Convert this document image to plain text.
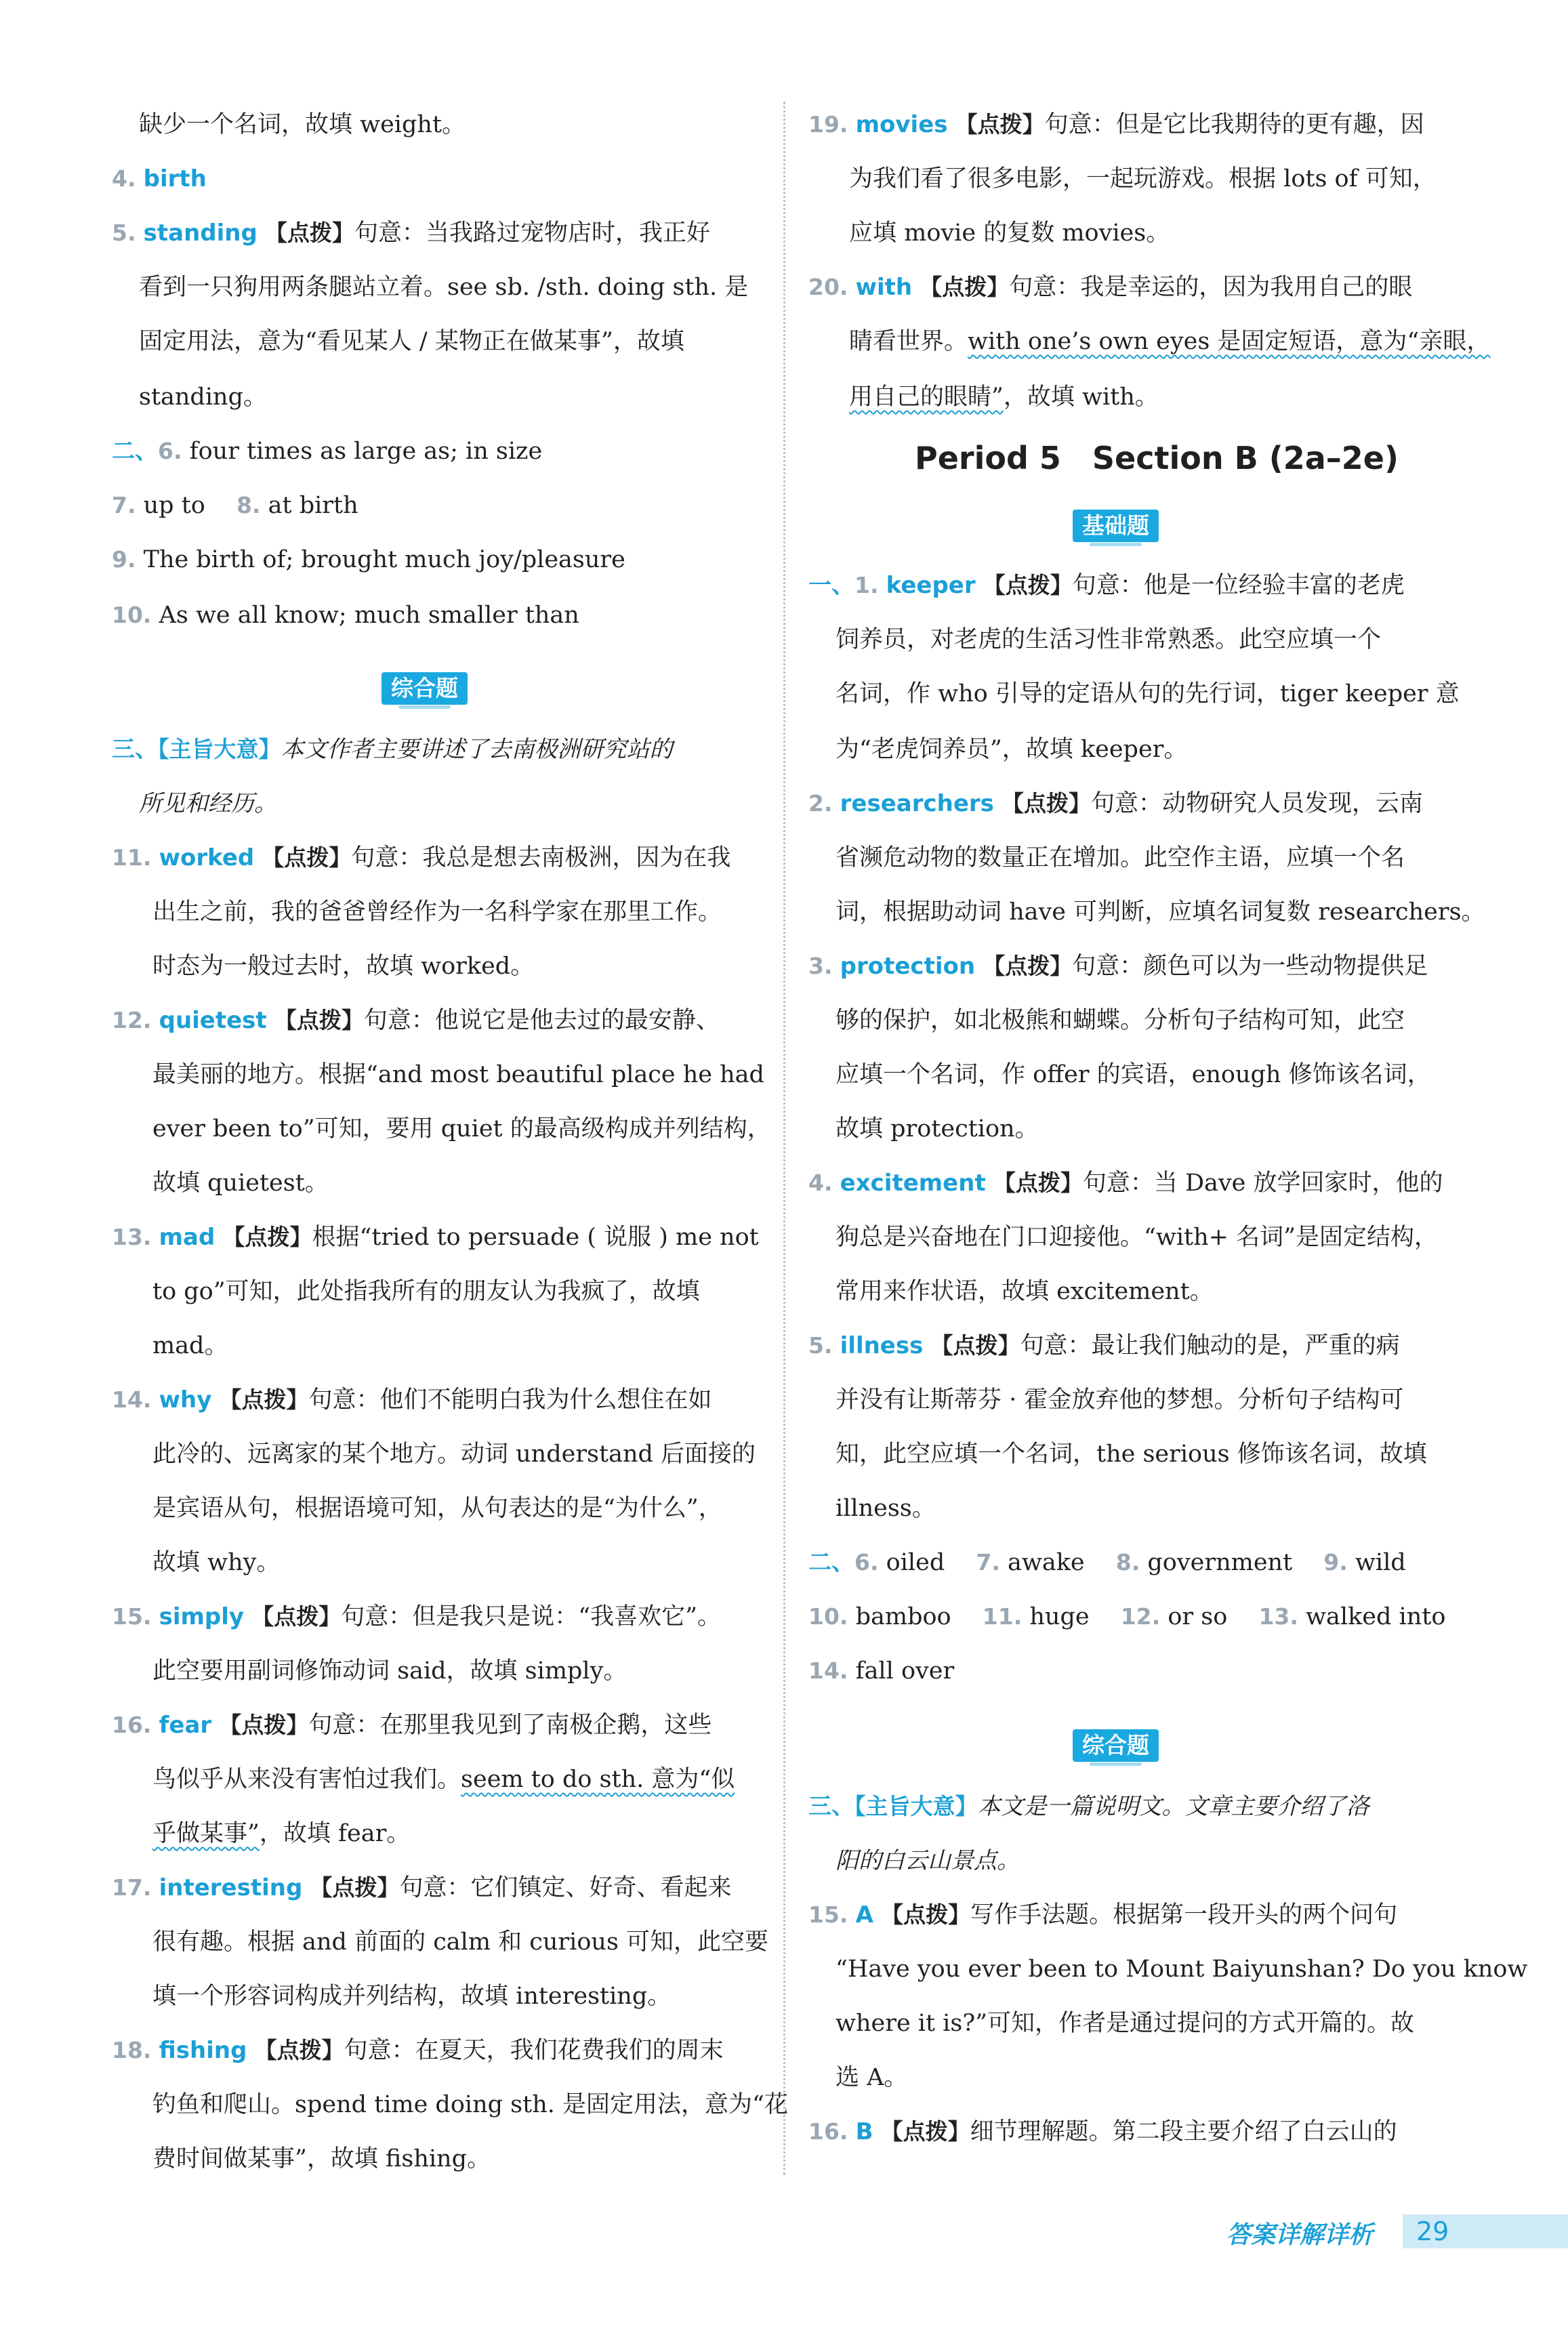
缺少一个名词，故填 weight。
4. birth
5. standing 【点拨】句意：当我路过宠物店时，我正好
看到一只狗用两条腿站立着。see sb. /sth. doing sth. 是
固定用法，意为“看见某人 / 某物正在做某事”，故填
standing。
二、6. four times as large as; in size
7. up to　 8. at birth
9. The birth of; brought much joy/pleasure
10. As we all know; much smaller than
综合题
三、【主旨大意】本文作者主要讲述了去南极洲研究站的
所见和经历。
11. worked 【点拨】句意：我总是想去南极洲，因为在我
出生之前，我的爸爸曾经作为一名科学家在那里工作。
时态为一般过去时，故填 worked。
12. quietest 【点拨】句意：他说它是他去过的最安静、
最美丽的地方。根据“and most beautiful place he had
ever been to”可知，要用 quiet 的最高级构成并列结构，
故填 quietest。
13. mad 【点拨】根据“tried to persuade ( 说服 ) me not
to go”可知，此处指我所有的朋友认为我疯了，故填
mad。
14. why 【点拨】句意：他们不能明白我为什么想住在如
此冷的、远离家的某个地方。动词 understand 后面接的
是宾语从句，根据语境可知，从句表达的是“为什么”，
故填 why。
15. simply 【点拨】句意：但是我只是说：“我喜欢它”。
此空要用副词修饰动词 said，故填 simply。
16. fear 【点拨】句意：在那里我见到了南极企鹅，这些
鸟似乎从来没有害怕过我们。seem to do sth. 意为“似
乎做某事”，故填 fear。
17. interesting 【点拨】句意：它们镇定、好奇、看起来
很有趣。根据 and 前面的 calm 和 curious 可知，此空要
填一个形容词构成并列结构，故填 interesting。
18. fishing 【点拨】句意：在夏天，我们花费我们的周末
钓鱼和爬山。spend time doing sth. 是固定用法，意为“花
费时间做某事”，故填 fishing。
19. movies 【点拨】句意：但是它比我期待的更有趣，因
为我们看了很多电影，一起玩游戏。根据 lots of 可知，
应填 movie 的复数 movies。
20. with 【点拨】句意：我是幸运的，因为我用自己的眼
睛看世界。with one’s own eyes 是固定短语，意为“亲眼，
用自己的眼睛”，故填 with。
Period 5　Section B (2a–2e)
基础题
一、1. keeper 【点拨】句意：他是一位经验丰富的老虎
饲养员，对老虎的生活习性非常熟悉。此空应填一个
名词，作 who 引导的定语从句的先行词，tiger keeper 意
为“老虎饲养员”，故填 keeper。
2. researchers 【点拨】句意：动物研究人员发现，云南
省濒危动物的数量正在增加。此空作主语，应填一个名
词，根据助动词 have 可判断，应填名词复数 researchers。
3. protection 【点拨】句意：颜色可以为一些动物提供足
够的保护，如北极熊和蝴蝶。分析句子结构可知，此空
应填一个名词，作 offer 的宾语，enough 修饰该名词，
故填 protection。
4. excitement 【点拨】句意：当 Dave 放学回家时，他的
狗总是兴奋地在门口迎接他。“with+ 名词”是固定结构，
常用来作状语，故填 excitement。
5. illness 【点拨】句意：最让我们触动的是，严重的病
并没有让斯蒂芬 · 霍金放弃他的梦想。分析句子结构可
知，此空应填一个名词，the serious 修饰该名词，故填
illness。
二、6. oiled　 7. awake　 8. government　 9. wild
10. bamboo　 11. huge　 12. or so　 13. walked into
14. fall over
综合题
三、【主旨大意】本文是一篇说明文。文章主要介绍了洛
阳的白云山景点。
15. A 【点拨】写作手法题。根据第一段开头的两个问句
“Have you ever been to Mount Baiyunshan? Do you know
where it is?”可知，作者是通过提问的方式开篇的。故
选 A。
16. B 【点拨】细节理解题。第二段主要介绍了白云山的
答案详解详析 29
